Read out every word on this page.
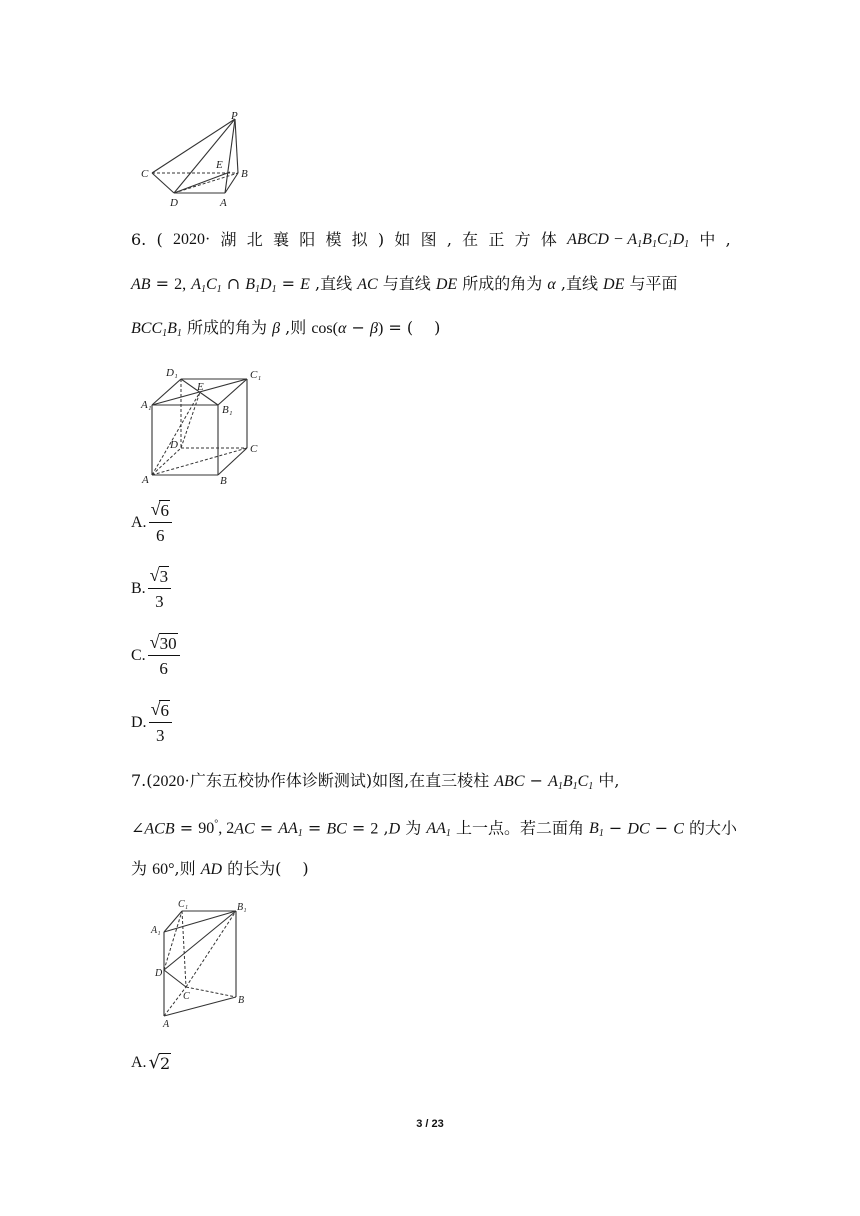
P
C
E
B
D	A
6. ( 2020· 湖 北 襄 阳 模 拟 ) 如 图 , 在 正 方 体 ABCD − $A_1B_1C_1D_1$ 中 ,
AB = 2, $A_1C_1$ ∩ $B_1D_1 = E$ ,直线 AC 与直线 DE 所成的角为 α ,直线 DE 与平面
$BCC_1B_1$ 所成的角为 β ,则 cos(α − β) = (　 )
D₁	C₁
A₁
E
B₁
D	C
A	B
A. $\frac{√ 6}{6}$
B. $\frac{√ 3}{3}$
C. $\frac{√ 30}{6}$
D. $\frac{√ 6}{3}$
7.(2020·广东五校协作体诊断测试)如图,在直三棱柱 ABC − $A_1B_1C_1$ 中,
∠ACB = 90°, $2AC = AA_1$ = BC = 2 ,D 为 $AA_1$ 上一点。若二面角 $B_1$ − DC − C 的大小
为 60°,则 AD 的长为(　 )
C₁	B₁
A₁
D
C	B
A
A. √ 2
3 / 23
